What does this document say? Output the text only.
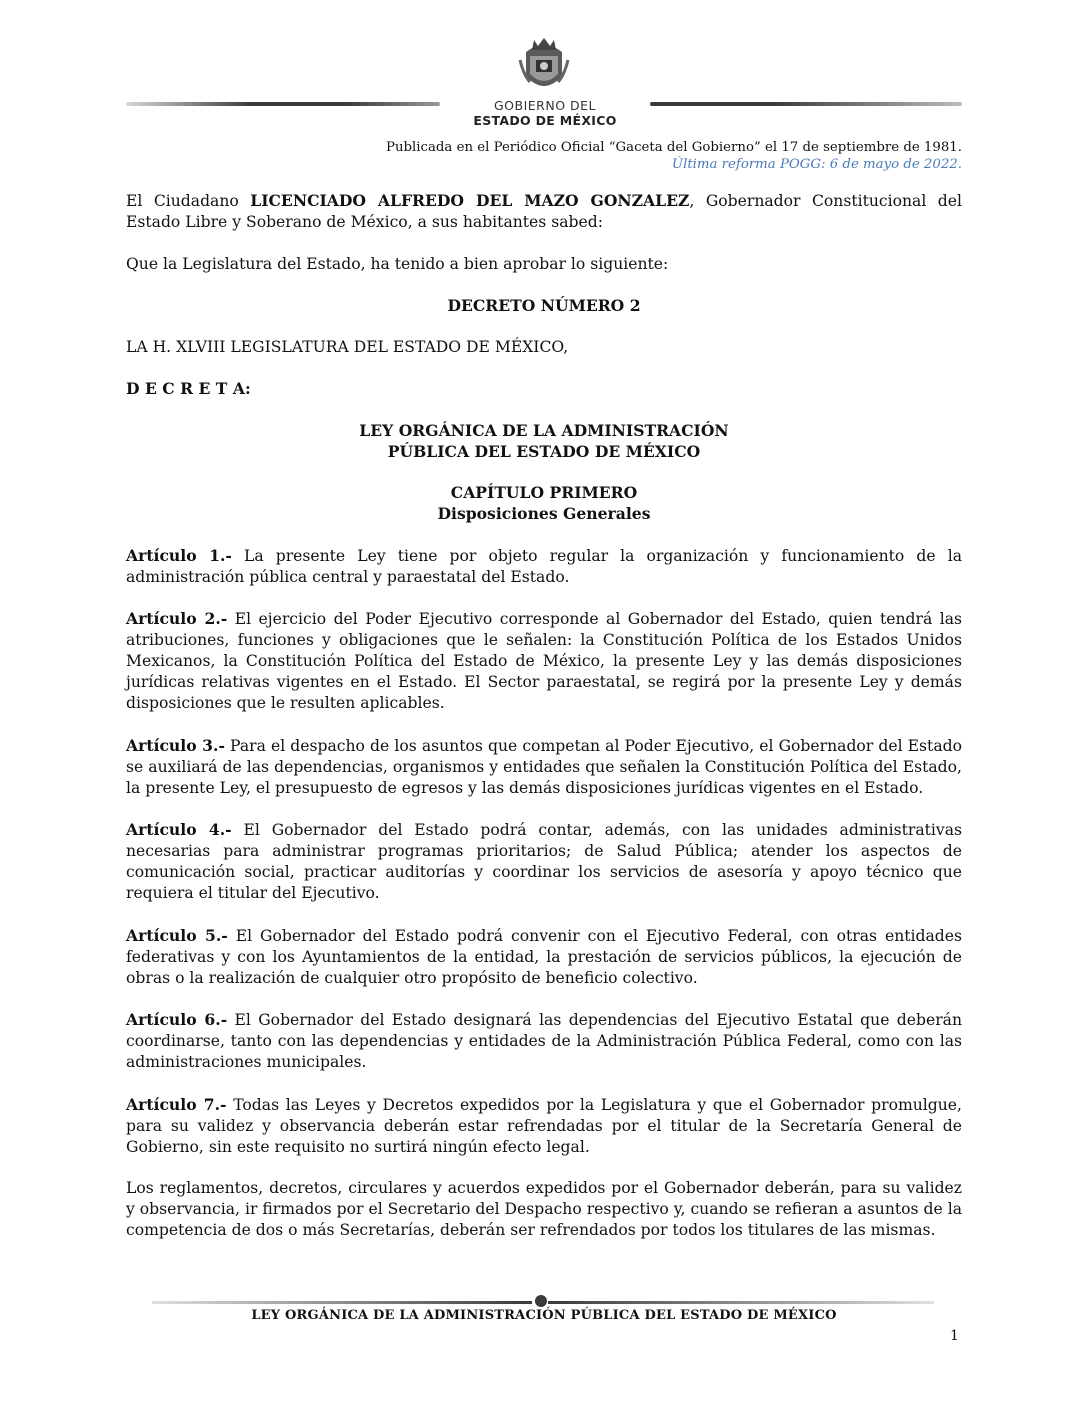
GOBIERNO DEL
ESTADO DE MÉXICO
Publicada en el Periódico Oficial “Gaceta del Gobierno” el 17 de septiembre de 1981.
Última reforma POGG: 6 de mayo de 2022.

El Ciudadano LICENCIADO ALFREDO DEL MAZO GONZALEZ, Gobernador Constitucional del Estado Libre y Soberano de México, a sus habitantes sabed:

Que la Legislatura del Estado, ha tenido a bien aprobar lo siguiente:

DECRETO NÚMERO 2

LA H. XLVIII LEGISLATURA DEL ESTADO DE MÉXICO,

D E C R E T A:

LEY ORGÁNICA DE LA ADMINISTRACIÓN
PÚBLICA DEL ESTADO DE MÉXICO

CAPÍTULO PRIMERO
Disposiciones Generales

Artículo 1.- La presente Ley tiene por objeto regular la organización y funcionamiento de la administración pública central y paraestatal del Estado.

Artículo 2.- El ejercicio del Poder Ejecutivo corresponde al Gobernador del Estado, quien tendrá las atribuciones, funciones y obligaciones que le señalen: la Constitución Política de los Estados Unidos Mexicanos, la Constitución Política del Estado de México, la presente Ley y las demás disposiciones jurídicas relativas vigentes en el Estado. El Sector paraestatal, se regirá por la presente Ley y demás disposiciones que le resulten aplicables.

Artículo 3.- Para el despacho de los asuntos que competan al Poder Ejecutivo, el Gobernador del Estado se auxiliará de las dependencias, organismos y entidades que señalen la Constitución Política del Estado, la presente Ley, el presupuesto de egresos y las demás disposiciones jurídicas vigentes en el Estado.

Artículo 4.- El Gobernador del Estado podrá contar, además, con las unidades administrativas necesarias para administrar programas prioritarios; de Salud Pública; atender los aspectos de comunicación social, practicar auditorías y coordinar los servicios de asesoría y apoyo técnico que requiera el titular del Ejecutivo.

Artículo 5.- El Gobernador del Estado podrá convenir con el Ejecutivo Federal, con otras entidades federativas y con los Ayuntamientos de la entidad, la prestación de servicios públicos, la ejecución de obras o la realización de cualquier otro propósito de beneficio colectivo.

Artículo 6.- El Gobernador del Estado designará las dependencias del Ejecutivo Estatal que deberán coordinarse, tanto con las dependencias y entidades de la Administración Pública Federal, como con las administraciones municipales.

Artículo 7.- Todas las Leyes y Decretos expedidos por la Legislatura y que el Gobernador promulgue, para su validez y observancia deberán estar refrendadas por el titular de la Secretaría General de Gobierno, sin este requisito no surtirá ningún efecto legal.

Los reglamentos, decretos, circulares y acuerdos expedidos por el Gobernador deberán, para su validez y observancia, ir firmados por el Secretario del Despacho respectivo y, cuando se refieran a asuntos de la competencia de dos o más Secretarías, deberán ser refrendados por todos los titulares de las mismas.

LEY ORGÁNICA DE LA ADMINISTRACIÓN PÚBLICA DEL ESTADO DE MÉXICO
1
